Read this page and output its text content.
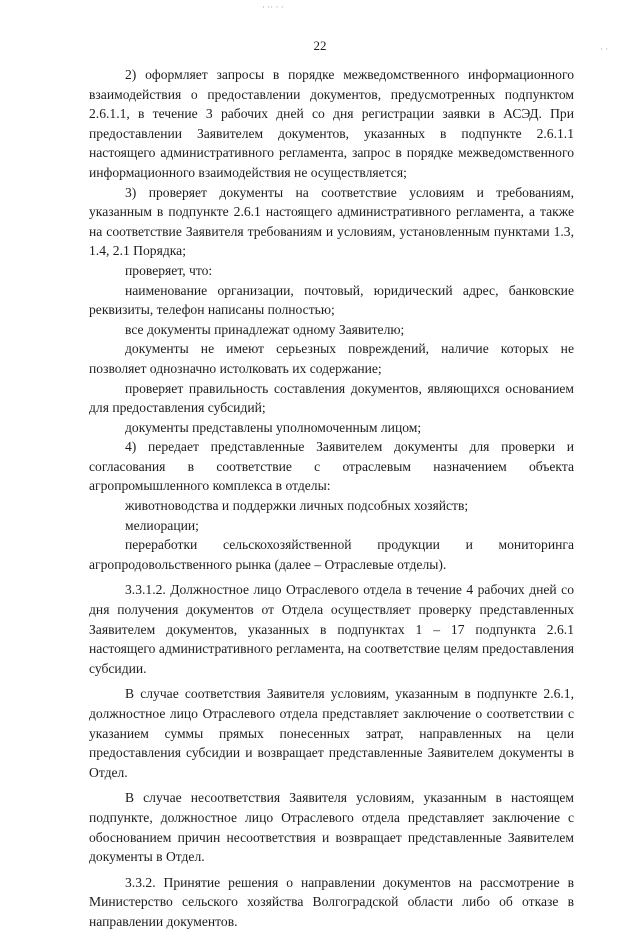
· ·· · ·
· ·
22

2) оформляет запросы в порядке межведомственного информационного взаимодействия о предоставлении документов, предусмотренных подпунктом 2.6.1.1, в течение 3 рабочих дней со дня регистрации заявки в АСЭД. При предоставлении Заявителем документов, указанных в подпункте 2.6.1.1 настоящего административного регламента, запрос в порядке межведомственного информационного взаимодействия не осуществляется;

3) проверяет документы на соответствие условиям и требованиям, указанным в подпункте 2.6.1 настоящего административного регламента, а также на соответствие Заявителя требованиям и условиям, установленным пунктами 1.3, 1.4, 2.1 Порядка;

проверяет, что:

наименование организации, почтовый, юридический адрес, банковские реквизиты, телефон написаны полностью;

все документы принадлежат одному Заявителю;

документы не имеют серьезных повреждений, наличие которых не позволяет однозначно истолковать их содержание;

проверяет правильность составления документов, являющихся основанием для предоставления субсидий;

документы представлены уполномоченным лицом;

4) передает представленные Заявителем документы для проверки и согласования в соответствие с отраслевым назначением объекта агропромышленного комплекса в отделы:

животноводства и поддержки личных подсобных хозяйств;

мелиорации;

переработки сельскохозяйственной продукции и мониторинга агропродовольственного рынка (далее – Отраслевые отделы).

3.3.1.2. Должностное лицо Отраслевого отдела в течение 4 рабочих дней со дня получения документов от Отдела осуществляет проверку представленных Заявителем документов, указанных в подпунктах 1 – 17 подпункта 2.6.1 настоящего административного регламента, на соответствие целям предоставления субсидии.

В случае соответствия Заявителя условиям, указанным в подпункте 2.6.1, должностное лицо Отраслевого отдела представляет заключение о соответствии с указанием суммы прямых понесенных затрат, направленных на цели предоставления субсидии и возвращает представленные Заявителем документы в Отдел.

В случае несоответствия Заявителя условиям, указанным в настоящем подпункте, должностное лицо Отраслевого отдела представляет заключение с обоснованием причин несоответствия и возвращает представленные Заявителем документы в Отдел.

3.3.2. Принятие решения о направлении документов на рассмотрение в Министерство сельского хозяйства Волгоградской области либо об отказе в направлении документов.
